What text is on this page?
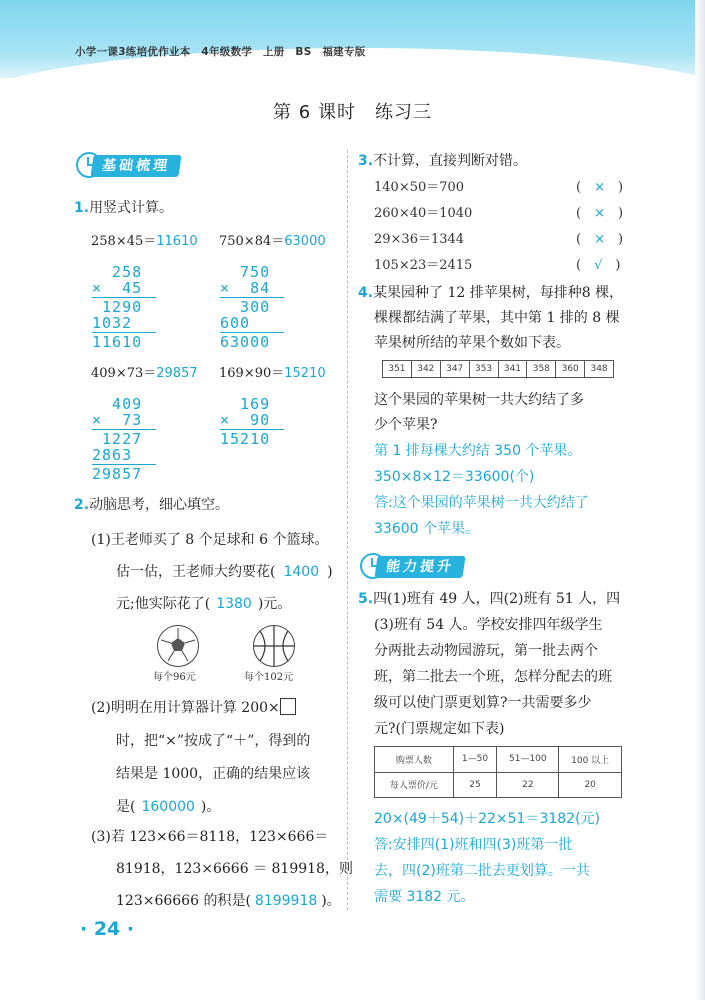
小学一课3练培优作业本　4年级数学　上册　BS　福建专版
第 6 课时　练习三
基础梳理
1.用竖式计算。
258×45＝11610 750×84＝63000
258
×  45
1290
1032
11610
750
×  84
300
600
63000
409×73＝29857 169×90＝15210
409
×  73
1227
2863
29857
169
×  90
15210
2.动脑思考，细心填空。
(1)王老师买了 8 个足球和 6 个篮球。
估一估，王老师大约要花( 1400 )
元;他实际花了( 1380 )元。
每个96元	每个102元
(2)明明在用计算器计算 200×
时，把“×”按成了“＋”，得到的
结果是 1000，正确的结果应该
是( 160000 )。
(3)若 123×66＝8118，123×666＝
81918，123×6666 ＝ 819918，则
123×66666 的积是( 8199918 )。
· 24 ·
3.不计算，直接判断对错。
140×50＝700	(　×　)
260×40＝1040	(　×　)
29×36＝1344	(　×　)
105×23＝2415	(　√　)
4.某果园种了 12 排苹果树，每排种8 棵，
棵棵都结满了苹果，其中第 1 排的 8 棵
苹果树所结的苹果个数如下表。
351	342	347	353	341	358	360	348
这个果园的苹果树一共大约结了多
少个苹果?
第 1 排每棵大约结 350 个苹果。
350×8×12＝33600(个)
答:这个果园的苹果树一共大约结了
33600 个苹果。
能力提升
5.四(1)班有 49 人，四(2)班有 51 人，四
(3)班有 54 人。学校安排四年级学生
分两批去动物园游玩，第一批去两个
班，第二批去一个班，怎样分配去的班
级可以使门票更划算?一共需要多少
元?(门票规定如下表)
购票人数	1—50	51—100	100 以上
每人票价/元	25	22	20
20×(49＋54)＋22×51＝3182(元)
答:安排四(1)班和四(3)班第一批
去，四(2)班第二批去更划算。一共
需要 3182 元。
